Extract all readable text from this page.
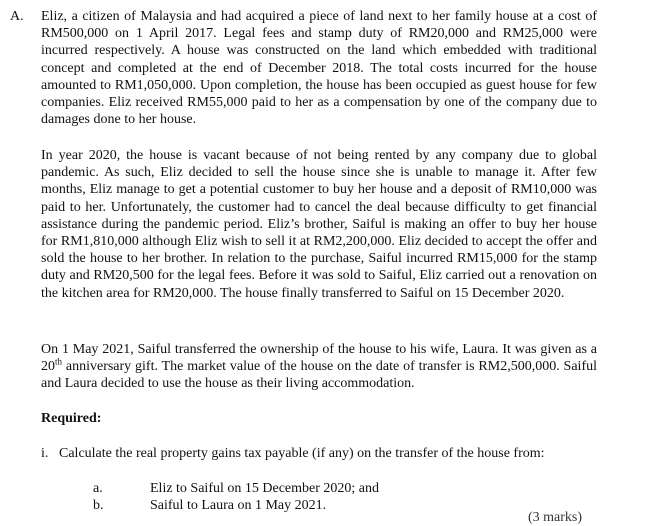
A. Eliz, a citizen of Malaysia and had acquired a piece of land next to her family house at a cost of RM500,000 on 1 April 2017. Legal fees and stamp duty of RM20,000 and RM25,000 were incurred respectively. A house was constructed on the land which embedded with traditional concept and completed at the end of December 2018. The total costs incurred for the house amounted to RM1,050,000. Upon completion, the house has been occupied as guest house for few companies. Eliz received RM55,000 paid to her as a compensation by one of the company due to damages done to her house.

In year 2020, the house is vacant because of not being rented by any company due to global pandemic. As such, Eliz decided to sell the house since she is unable to manage it. After few months, Eliz manage to get a potential customer to buy her house and a deposit of RM10,000 was paid to her. Unfortunately, the customer had to cancel the deal because difficulty to get financial assistance during the pandemic period. Eliz’s brother, Saiful is making an offer to buy her house for RM1,810,000 although Eliz wish to sell it at RM2,200,000. Eliz decided to accept the offer and sold the house to her brother. In relation to the purchase, Saiful incurred RM15,000 for the stamp duty and RM20,500 for the legal fees. Before it was sold to Saiful, Eliz carried out a renovation on the kitchen area for RM20,000. The house finally transferred to Saiful on 15 December 2020.

On 1 May 2021, Saiful transferred the ownership of the house to his wife, Laura. It was given as a 20th anniversary gift. The market value of the house on the date of transfer is RM2,500,000. Saiful and Laura decided to use the house as their living accommodation.

Required:
i. Calculate the real property gains tax payable (if any) on the transfer of the house from:
a.	Eliz to Saiful on 15 December 2020; and
b.	Saiful to Laura on 1 May 2021.
(3 marks)
